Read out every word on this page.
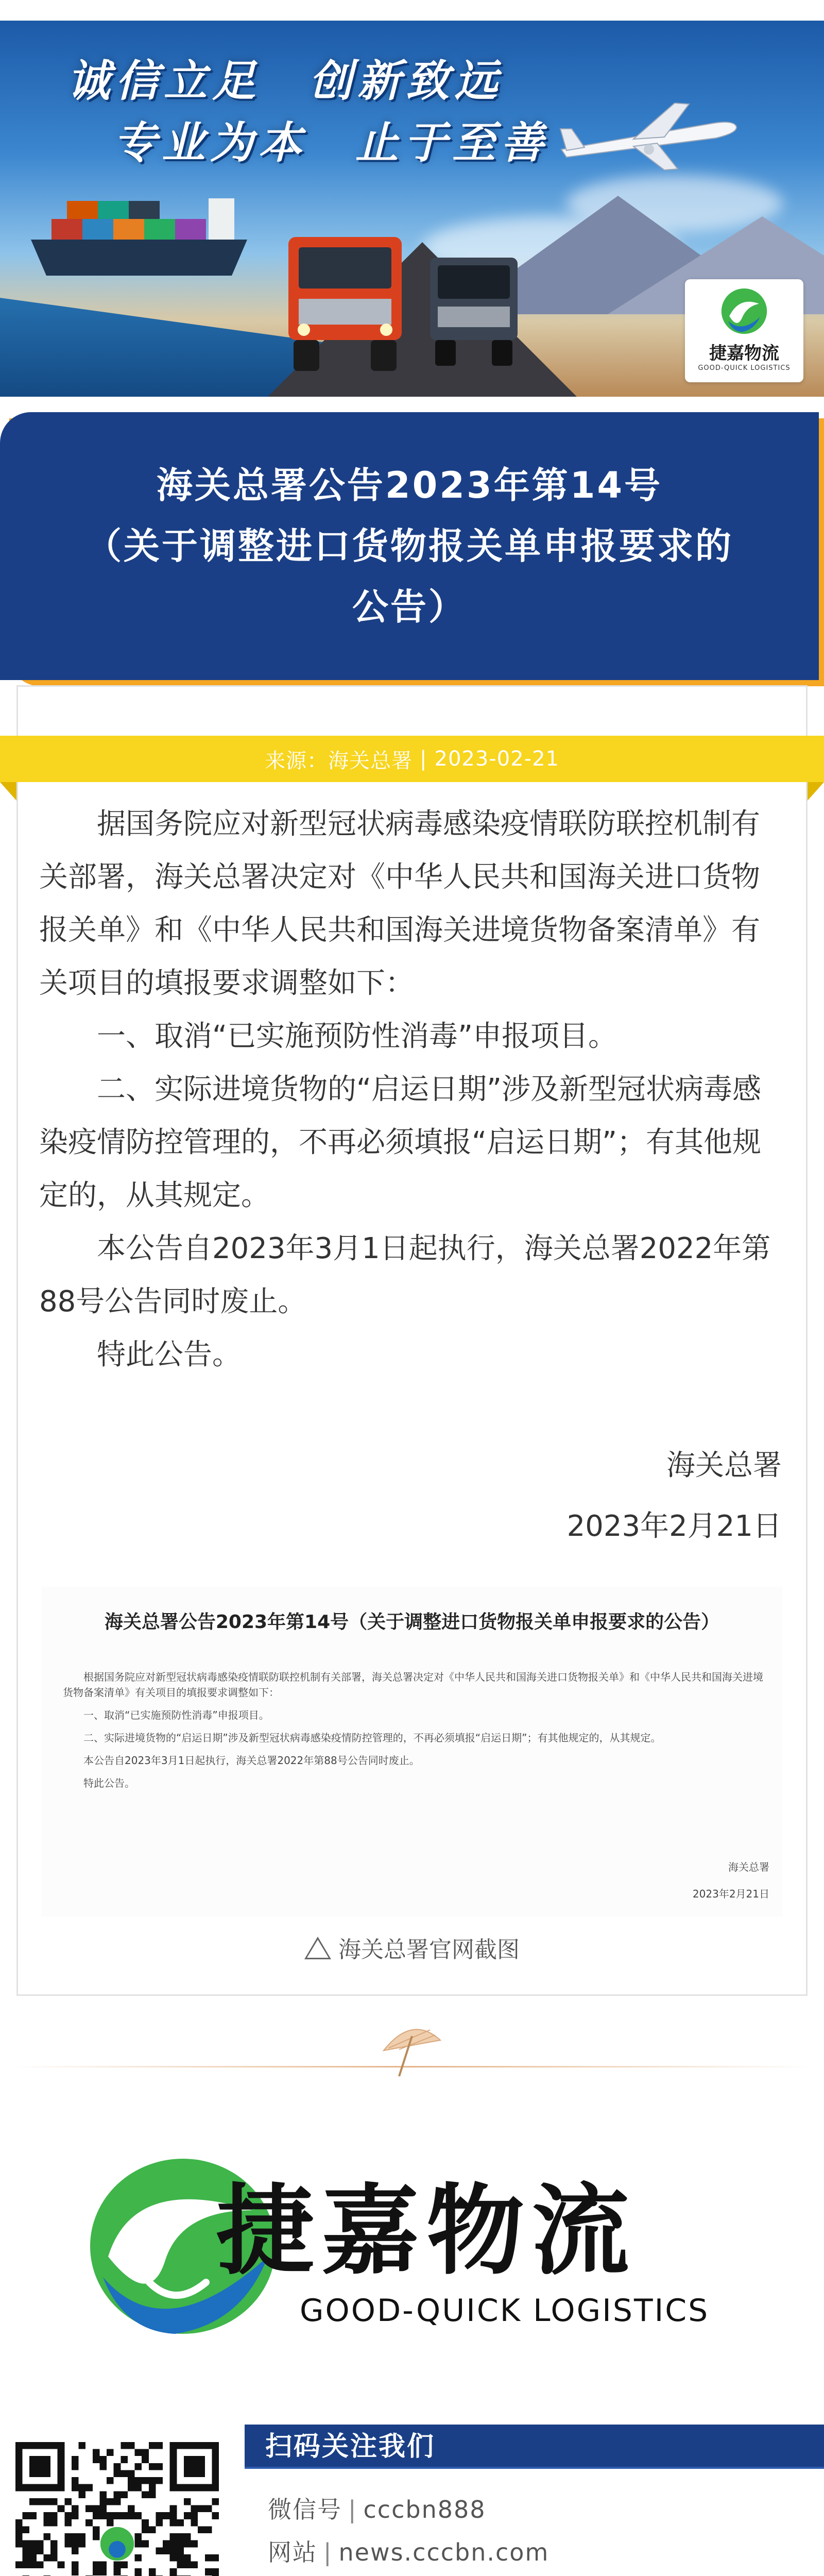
诚信立足 创新致远
专业为本 止于至善
捷嘉物流
GOOD-QUICK LOGISTICS
海关总署公告2023年第14号
（关于调整进口货物报关单申报要求的
公告）
来源：海关总署 | 2023-02-21

据国务院应对新型冠状病毒感染疫情联防联控机制有关部署，海关总署决定对《中华人民共和国海关进口货物报关单》和《中华人民共和国海关进境货物备案清单》有关项目的填报要求调整如下：

一、取消“已实施预防性消毒”申报项目。

二、实际进境货物的“启运日期”涉及新型冠状病毒感染疫情防控管理的，不再必须填报“启运日期”；有其他规定的，从其规定。

本公告自2023年3月1日起执行，海关总署2022年第88号公告同时废止。

特此公告。

海关总署
2023年2月21日
海关总署公告2023年第14号（关于调整进口货物报关单申报要求的公告）

根据国务院应对新型冠状病毒感染疫情联防联控机制有关部署，海关总署决定对《中华人民共和国海关进口货物报关单》和《中华人民共和国海关进境货物备案清单》有关项目的填报要求调整如下：

一、取消“已实施预防性消毒”申报项目。

二、实际进境货物的“启运日期”涉及新型冠状病毒感染疫情防控管理的，不再必须填报“启运日期”；有其他规定的，从其规定。

本公告自2023年3月1日起执行，海关总署2022年第88号公告同时废止。

特此公告。

海关总署
2023年2月21日
海关总署官网截图
捷嘉物流
GOOD-QUICK LOGISTICS
扫码关注我们
微信号 | cccbn888
网站 | news.cccbn.com
